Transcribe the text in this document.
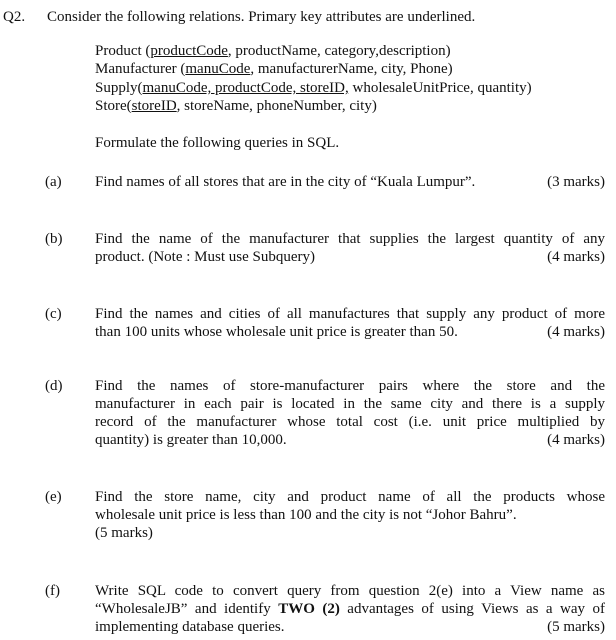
Q2. Consider the following relations. Primary key attributes are underlined.
Product (productCode, productName, category,description)
Manufacturer (manuCode, manufacturerName, city, Phone)
Supply(manuCode, productCode, storeID, wholesaleUnitPrice, quantity)
Store(storeID, storeName, phoneNumber, city)
Formulate the following queries in SQL.
(a) Find names of all stores that are in the city of “Kuala Lumpur”.	(3 marks)
(b) Find the name of the manufacturer that supplies the largest quantity of any
product. (Note : Must use Subquery)	(4 marks)
(c) Find the names and cities of all manufactures that supply any product of more
than 100 units whose wholesale unit price is greater than 50.	(4 marks)
(d) Find the names of store-manufacturer pairs where the store and the
manufacturer in each pair is located in the same city and there is a supply
record of the manufacturer whose total cost (i.e. unit price multiplied by
quantity) is greater than 10,000.	(4 marks)
(e) Find the store name, city and product name of all the products whose
wholesale unit price is less than 100 and the city is not “Johor Bahru”.
(5 marks)
(f) Write SQL code to convert query from question 2(e) into a View name as
“WholesaleJB” and identify TWO (2) advantages of using Views as a way of
implementing database queries.	(5 marks)
